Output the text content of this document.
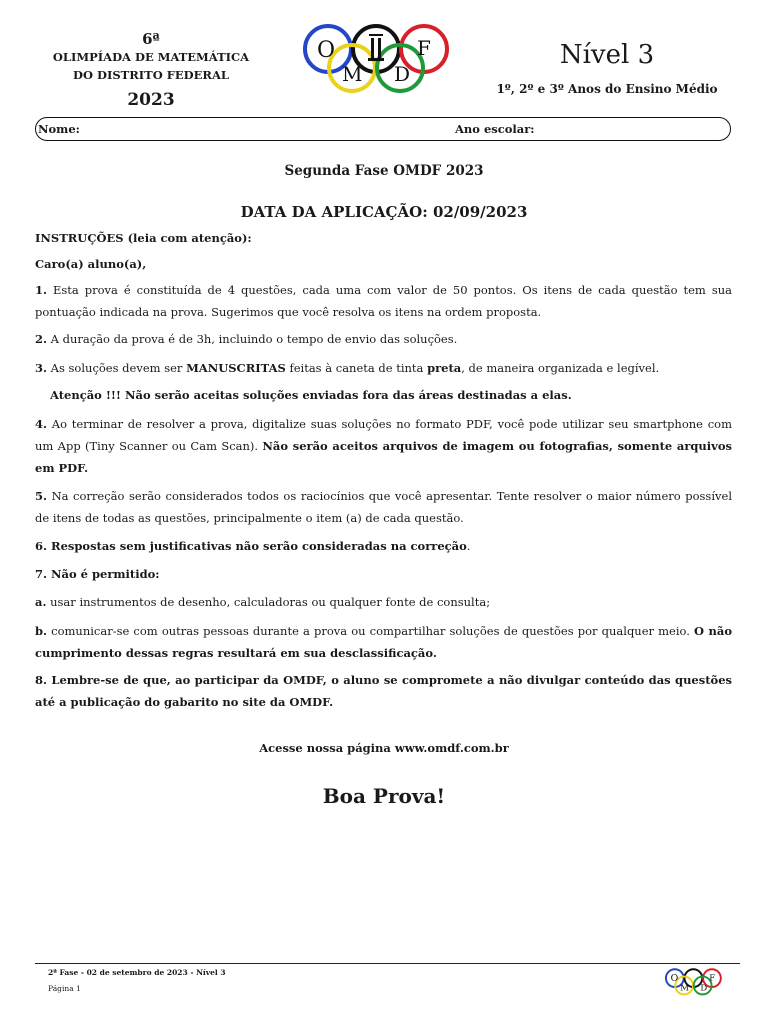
6ª
OLIMPÍADA DE MATEMÁTICA
DO DISTRITO FEDERAL
2023
O
M D
F	Nível 3
1º, 2º e 3º Anos do Ensino Médio
Nome:	Ano escolar:
Segunda Fase OMDF 2023
DATA DA APLICAÇÃO: 02/09/2023
INSTRUÇÕES (leia com atenção):
Caro(a) aluno(a),
1. Esta prova é constituída de 4 questões, cada uma com valor de 50 pontos. Os itens de cada questão tem sua pontuação indicada na prova. Sugerimos que você resolva os itens na ordem proposta.
2. A duração da prova é de 3h, incluindo o tempo de envio das soluções.
3. As soluções devem ser MANUSCRITAS feitas à caneta de tinta preta, de maneira organizada e legível.
Atenção !!! Não serão aceitas soluções enviadas fora das áreas destinadas a elas.
4. Ao terminar de resolver a prova, digitalize suas soluções no formato PDF, você pode utilizar seu smartphone com um App (Tiny Scanner ou Cam Scan). Não serão aceitos arquivos de imagem ou fotografias, somente arquivos em PDF.
5. Na correção serão considerados todos os raciocínios que você apresentar. Tente resolver o maior número possível de itens de todas as questões, principalmente o item (a) de cada questão.
6. Respostas sem justificativas não serão consideradas na correção.
7. Não é permitido:
a. usar instrumentos de desenho, calculadoras ou qualquer fonte de consulta;
b. comunicar-se com outras pessoas durante a prova ou compartilhar soluções de questões por qualquer meio. O não cumprimento dessas regras resultará em sua desclassificação.
8. Lembre-se de que, ao participar da OMDF, o aluno se compromete a não divulgar conteúdo das questões até a publicação do gabarito no site da OMDF.
Acesse nossa página www.omdf.com.br
Boa Prova!
2ª Fase - 02 de setembro de 2023 - Nível 3
Página 1
O
M D
F
